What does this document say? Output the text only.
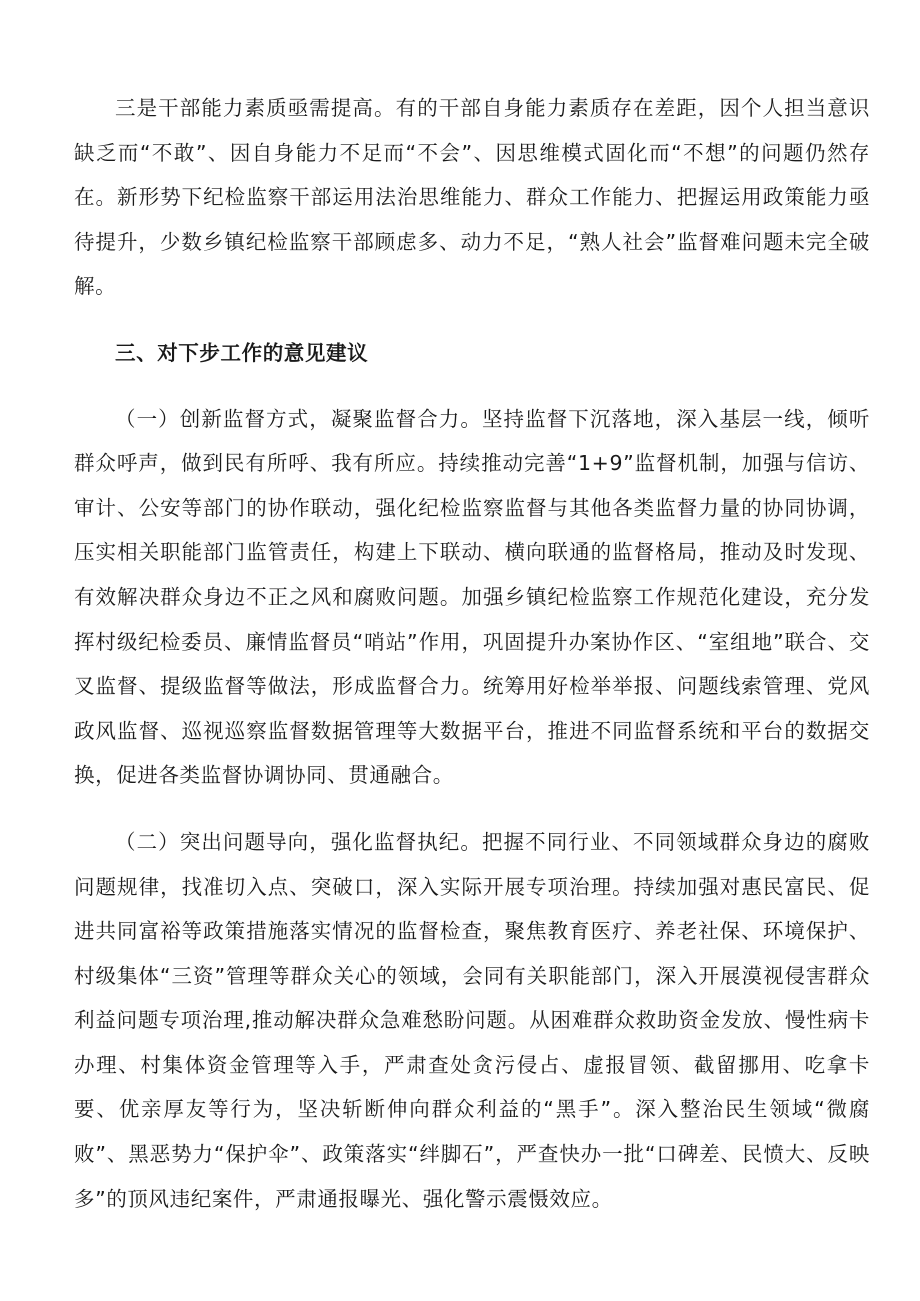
三是干部能力素质亟需提高。有的干部自身能力素质存在差距，因个人担当意识缺乏而“不敢”、因自身能力不足而“不会”、因思维模式固化而“不想”的问题仍然存在。新形势下纪检监察干部运用法治思维能力、群众工作能力、把握运用政策能力亟待提升，少数乡镇纪检监察干部顾虑多、动力不足，“熟人社会”监督难问题未完全破解。

三、对下步工作的意见建议

（一）创新监督方式，凝聚监督合力。坚持监督下沉落地，深入基层一线，倾听群众呼声，做到民有所呼、我有所应。持续推动完善“1+9”监督机制，加强与信访、审计、公安等部门的协作联动，强化纪检监察监督与其他各类监督力量的协同协调，压实相关职能部门监管责任，构建上下联动、横向联通的监督格局，推动及时发现、有效解决群众身边不正之风和腐败问题。加强乡镇纪检监察工作规范化建设，充分发挥村级纪检委员、廉情监督员“哨站”作用，巩固提升办案协作区、“室组地”联合、交叉监督、提级监督等做法，形成监督合力。统筹用好检举举报、问题线索管理、党风政风监督、巡视巡察监督数据管理等大数据平台，推进不同监督系统和平台的数据交换，促进各类监督协调协同、贯通融合。

（二）突出问题导向，强化监督执纪。把握不同行业、不同领域群众身边的腐败问题规律，找准切入点、突破口，深入实际开展专项治理。持续加强对惠民富民、促进共同富裕等政策措施落实情况的监督检查，聚焦教育医疗、养老社保、环境保护、村级集体“三资”管理等群众关心的领域，会同有关职能部门，深入开展漠视侵害群众利益问题专项治理,推动解决群众急难愁盼问题。从困难群众救助资金发放、慢性病卡办理、村集体资金管理等入手，严肃查处贪污侵占、虚报冒领、截留挪用、吃拿卡要、优亲厚友等行为，坚决斩断伸向群众利益的“黑手”。深入整治民生领域“微腐败”、黑恶势力“保护伞”、政策落实“绊脚石”，严查快办一批“口碑差、民愤大、反映多”的顶风违纪案件，严肃通报曝光、强化警示震慑效应。
